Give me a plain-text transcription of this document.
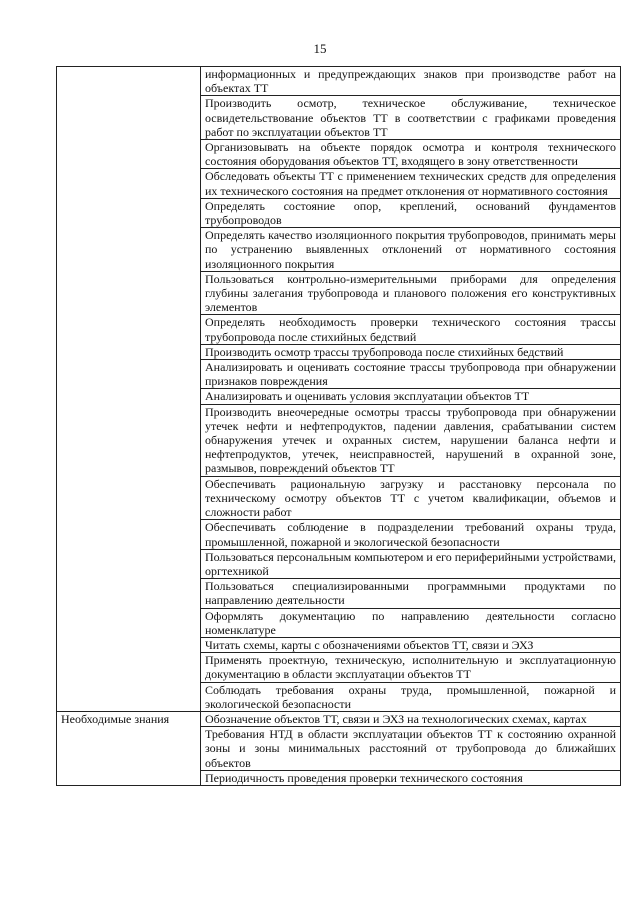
15

	информационных и предупреждающих знаков при производстве работ на объектах ТТ

	Производить осмотр, техническое обслуживание, техническое освидетельствование объектов ТТ в соответствии с графиками проведения работ по эксплуатации объектов ТТ

	Организовывать на объекте порядок осмотра и контроля технического состояния оборудования объектов ТТ, входящего в зону ответственности

	Обследовать объекты ТТ с применением технических средств для определения их технического состояния на предмет отклонения от нормативного состояния

	Определять состояние опор, креплений, оснований фундаментов трубопроводов

	Определять качество изоляционного покрытия трубопроводов, принимать меры по устранению выявленных отклонений от нормативного состояния изоляционного покрытия

	Пользоваться контрольно-измерительными приборами для определения глубины залегания трубопровода и планового положения его конструктивных элементов

	Определять необходимость проверки технического состояния трассы трубопровода после стихийных бедствий

	Производить осмотр трассы трубопровода после стихийных бедствий

	Анализировать и оценивать состояние трассы трубопровода при обнаружении признаков повреждения

	Анализировать и оценивать условия эксплуатации объектов ТТ

	Производить внеочередные осмотры трассы трубопровода при обнаружении утечек нефти и нефтепродуктов, падении давления, срабатывании систем обнаружения утечек и охранных систем, нарушении баланса нефти и нефтепродуктов, утечек, неисправностей, нарушений в охранной зоне, размывов, повреждений объектов ТТ

	Обеспечивать рациональную загрузку и расстановку персонала по техническому осмотру объектов ТТ с учетом квалификации, объемов и сложности работ

	Обеспечивать соблюдение в подразделении требований охраны труда, промышленной, пожарной и экологической безопасности

	Пользоваться персональным компьютером и его периферийными устройствами, оргтехникой

	Пользоваться специализированными программными продуктами по направлению деятельности

	Оформлять документацию по направлению деятельности согласно номенклатуре

	Читать схемы, карты с обозначениями объектов ТТ, связи и ЭХЗ

	Применять проектную, техническую, исполнительную и эксплуатационную документацию в области эксплуатации объектов ТТ

	Соблюдать требования охраны труда, промышленной, пожарной и экологической безопасности

Необходимые знания	Обозначение объектов ТТ, связи и ЭХЗ на технологических схемах, картах

	Требования НТД в области эксплуатации объектов ТТ к состоянию охранной зоны и зоны минимальных расстояний от трубопровода до ближайших объектов

	Периодичность проведения проверки технического состояния
